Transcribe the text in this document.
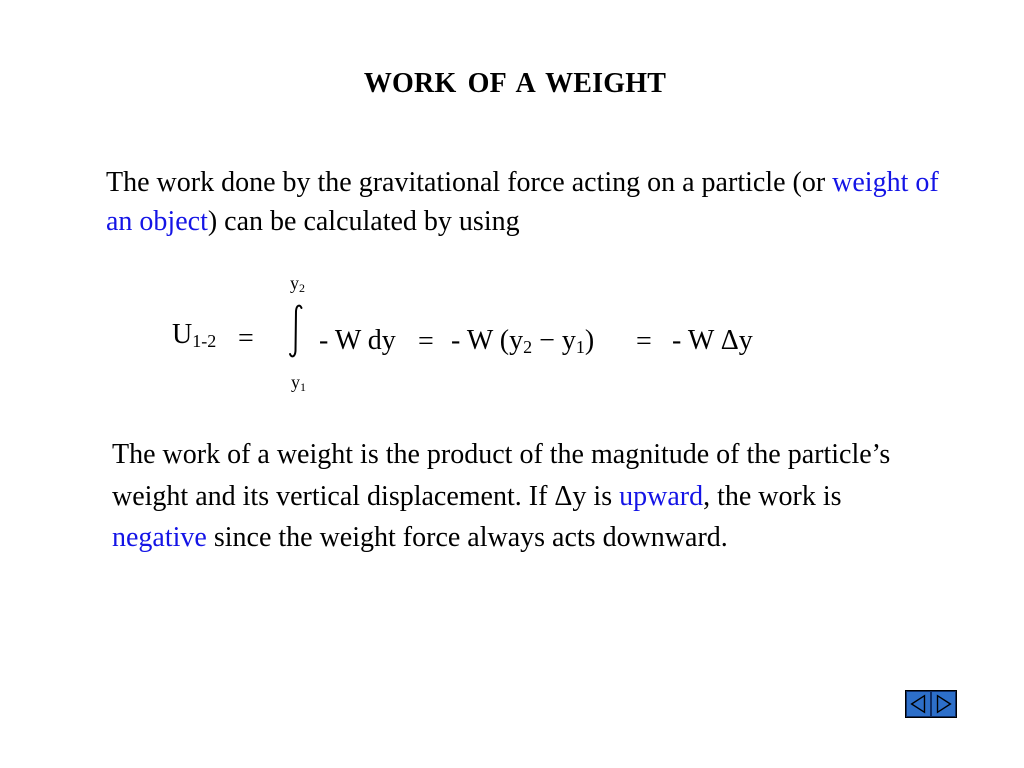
WORK OF A WEIGHT

The work done by the gravitational force acting on a particle (or weight of an object) can be calculated by using

$U_{1-2}$ =
$y_2$
$y_1$
- W dy = - W $(y_2 - y_1)$ = - W Δy

The work of a weight is the product of the magnitude of the particle’s weight and its vertical displacement. If Δy is upward, the work is negative since the weight force always acts downward.
